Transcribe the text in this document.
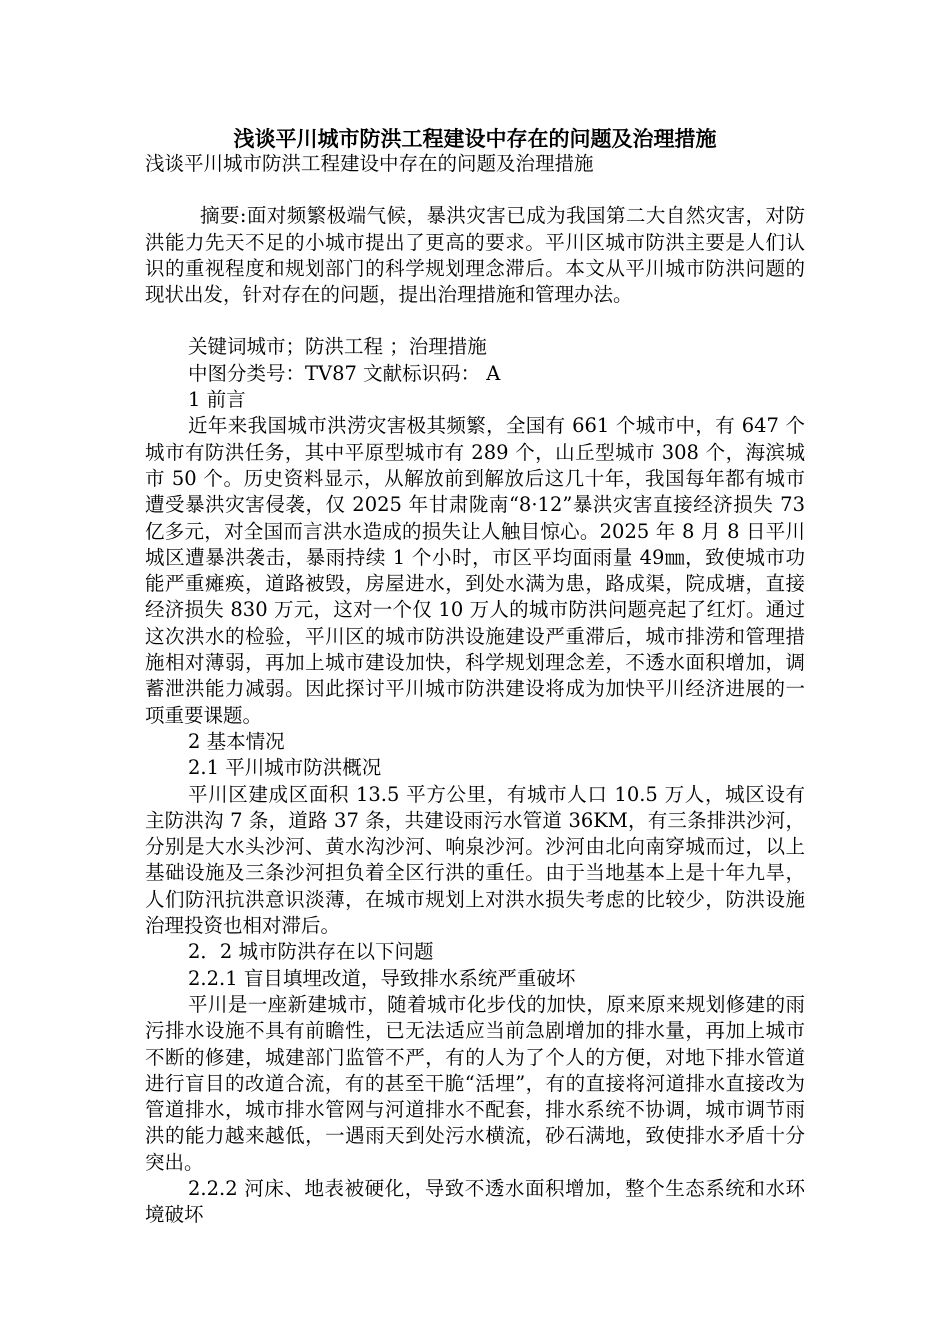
浅谈平川城市防洪工程建设中存在的问题及治理措施

浅谈平川城市防洪工程建设中存在的问题及治理措施

摘要:面对频繁极端气候，暴洪灾害已成为我国第二大自然灾害，对防洪能力先天不足的小城市提出了更高的要求。平川区城市防洪主要是人们认识的重视程度和规划部门的科学规划理念滞后。本文从平川城市防洪问题的现状出发，针对存在的问题，提出治理措施和管理办法。

关键词城市；防洪工程 ；治理措施

中图分类号：TV87 文献标识码： A

1 前言

近年来我国城市洪涝灾害极其频繁，全国有 661 个城市中，有 647 个城市有防洪任务，其中平原型城市有 289 个，山丘型城市 308 个，海滨城市 50 个。历史资料显示，从解放前到解放后这几十年，我国每年都有城市遭受暴洪灾害侵袭，仅 2025 年甘肃陇南“8·12”暴洪灾害直接经济损失 73 亿多元，对全国而言洪水造成的损失让人触目惊心。2025 年 8 月 8 日平川城区遭暴洪袭击，暴雨持续 1 个小时，市区平均面雨量 49㎜，致使城市功能严重瘫痪，道路被毁，房屋进水，到处水满为患，路成渠，院成塘，直接经济损失 830 万元，这对一个仅 10 万人的城市防洪问题亮起了红灯。通过这次洪水的检验，平川区的城市防洪设施建设严重滞后，城市排涝和管理措施相对薄弱，再加上城市建设加快，科学规划理念差，不透水面积增加，调蓄泄洪能力减弱。因此探讨平川城市防洪建设将成为加快平川经济进展的一项重要课题。

2 基本情况

2.1 平川城市防洪概况

平川区建成区面积 13.5 平方公里，有城市人口 10.5 万人，城区设有主防洪沟 7 条，道路 37 条，共建设雨污水管道 36KM，有三条排洪沙河，分别是大水头沙河、黄水沟沙河、响泉沙河。沙河由北向南穿城而过，以上基础设施及三条沙河担负着全区行洪的重任。由于当地基本上是十年九旱，人们防汛抗洪意识淡薄，在城市规划上对洪水损失考虑的比较少，防洪设施治理投资也相对滞后。

2．2 城市防洪存在以下问题

2.2.1 盲目填埋改道，导致排水系统严重破坏

平川是一座新建城市，随着城市化步伐的加快，原来原来规划修建的雨污排水设施不具有前瞻性，已无法适应当前急剧增加的排水量，再加上城市不断的修建，城建部门监管不严，有的人为了个人的方便，对地下排水管道进行盲目的改道合流，有的甚至干脆“活埋”，有的直接将河道排水直接改为管道排水，城市排水管网与河道排水不配套，排水系统不协调，城市调节雨洪的能力越来越低，一遇雨天到处污水横流，砂石满地，致使排水矛盾十分突出。

2.2.2 河床、地表被硬化，导致不透水面积增加，整个生态系统和水环境破坏
